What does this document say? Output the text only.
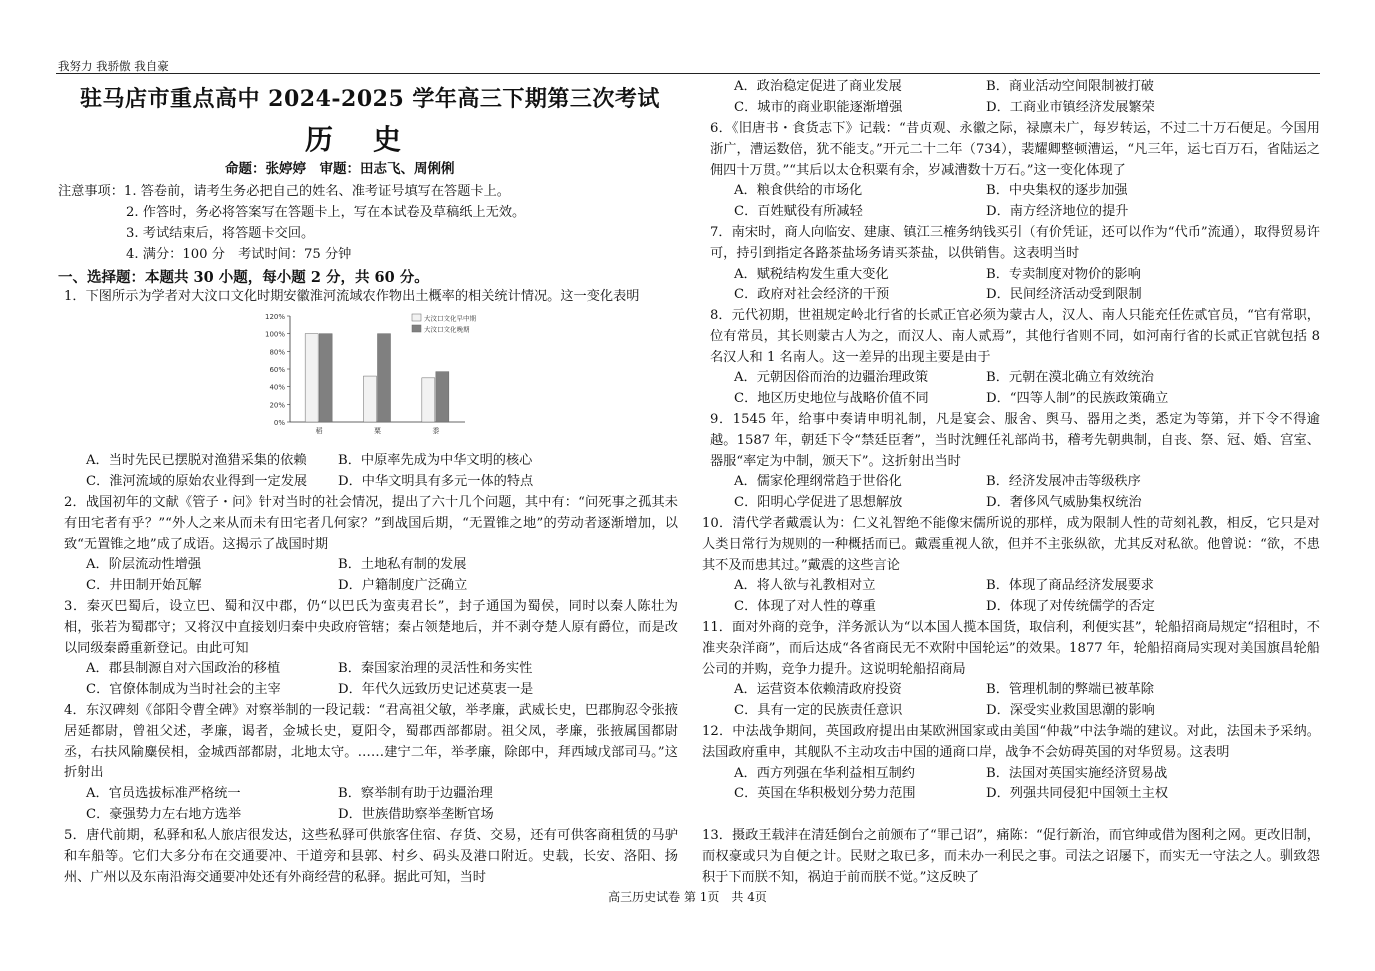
我努力 我骄傲 我自豪
驻马店市重点高中 2024-2025 学年高三下期第三次考试
历史
命题：张婷婷　审题：田志飞、周俐俐
注意事项：1. 答卷前，请考生务必把自己的姓名、准考证号填写在答题卡上。
2. 作答时，务必将答案写在答题卡上，写在本试卷及草稿纸上无效。
3. 考试结束后，将答题卡交回。
4. 满分：100 分　考试时间：75 分钟
一、选择题：本题共 30 小题，每小题 2 分，共 60 分。
1．下图所示为学者对大汶口文化时期安徽淮河流域农作物出土概率的相关统计情况。这一变化表明
0%
20%
40%
60%
80%
100%
120%
稻	粟	黍
大汶口文化早中期
大汶口文化晚期
A．当时先民已摆脱对渔猎采集的依赖	B．中原率先成为中华文明的核心
C．淮河流域的原始农业得到一定发展	D．中华文明具有多元一体的特点
2．战国初年的文献《管子・问》针对当时的社会情况，提出了六十几个问题，其中有：“问死事之孤其未有田宅者有乎？”“外人之来从而未有田宅者几何家？”到战国后期，“无置锥之地”的劳动者逐渐增加，以致“无置锥之地”成了成语。这揭示了战国时期
A．阶层流动性增强	B．土地私有制的发展
C．井田制开始瓦解	D．户籍制度广泛确立
3．秦灭巴蜀后，设立巴、蜀和汉中郡，仍“以巴氏为蛮夷君长”，封子通国为蜀侯，同时以秦人陈壮为相，张若为蜀郡守；又将汉中直接划归秦中央政府管辖；秦占领楚地后，并不剥夺楚人原有爵位，而是改以同级秦爵重新登记。由此可知
A．郡县制源自对六国政治的移植	B．秦国家治理的灵活性和务实性
C．官僚体制成为当时社会的主宰	D．年代久远致历史记述莫衷一是
4．东汉碑刻《郃阳令曹全碑》对察举制的一段记载：“君高祖父敏，举孝廉，武威长史，巴郡朐忍令张掖居延都尉，曾祖父述，孝廉，谒者，金城长史，夏阳令，蜀郡西部都尉。祖父凤，孝廉，张掖属国都尉丞，右扶风隃麋侯相，金城西部都尉，北地太守。……建宁二年，举孝廉，除郎中，拜西域戊部司马。”这折射出
A．官员选拔标准严格统一	B．察举制有助于边疆治理
C．豪强势力左右地方选举	D．世族借助察举垄断官场
5．唐代前期，私驿和私人旅店很发达，这些私驿可供旅客住宿、存货、交易，还有可供客商租赁的马驴和车船等。它们大多分布在交通要冲、干道旁和县郭、村乡、码头及港口附近。史载，长安、洛阳、扬州、广州以及东南沿海交通要冲处还有外商经营的私驿。据此可知，当时
A．政治稳定促进了商业发展	B．商业活动空间限制被打破
C．城市的商业职能逐渐增强	D．工商业市镇经济发展繁荣
6．《旧唐书・食货志下》记载：“昔贞观、永徽之际，禄廪未广，每岁转运，不过二十万石便足。今国用浙广，漕运数倍，犹不能支。”开元二十二年（734），裴耀卿整顿漕运，“凡三年，运七百万石，省陆运之佣四十万贯。”“其后以太仓积粟有余，岁减漕数十万石。”这一变化体现了
A．粮食供给的市场化	B．中央集权的逐步加强
C．百姓赋役有所减轻	D．南方经济地位的提升
7．南宋时，商人向临安、建康、镇江三榷务纳钱买引（有价凭证，还可以作为“代币”流通），取得贸易许可，持引到指定各路茶盐场务请买茶盐，以供销售。这表明当时
A．赋税结构发生重大变化	B．专卖制度对物价的影响
C．政府对社会经济的干预	D．民间经济活动受到限制
8．元代初期，世祖规定岭北行省的长贰正官必须为蒙古人，汉人、南人只能充任佐贰官员，“官有常职，位有常员，其长则蒙古人为之，而汉人、南人贰焉”，其他行省则不同，如河南行省的长贰正官就包括 8 名汉人和 1 名南人。这一差异的出现主要是由于
A．元朝因俗而治的边疆治理政策	B．元朝在漠北确立有效统治
C．地区历史地位与战略价值不同	D．“四等人制”的民族政策确立
9．1545 年，给事中奏请申明礼制，凡是宴会、服舍、舆马、器用之类，悉定为等第，并下令不得逾越。1587 年，朝廷下令“禁廷臣奢”，当时沈鲤任礼部尚书，稽考先朝典制，自丧、祭、冠、婚、宫室、器服“率定为中制，颁天下”。这折射出当时
A．儒家伦理纲常趋于世俗化	B．经济发展冲击等级秩序
C．阳明心学促进了思想解放	D．奢侈风气威胁集权统治
10．清代学者戴震认为：仁义礼智绝不能像宋儒所说的那样，成为限制人性的苛刻礼教，相反，它只是对人类日常行为规则的一种概括而已。戴震重视人欲，但并不主张纵欲，尤其反对私欲。他曾说：“欲，不患其不及而患其过。”戴震的这些言论
A．将人欲与礼教相对立	B．体现了商品经济发展要求
C．体现了对人性的尊重	D．体现了对传统儒学的否定
11．面对外商的竞争，洋务派认为“以本国人揽本国货，取信利，利便实甚”，轮船招商局规定“招租时，不准夹杂洋商”，而后达成“各省商民无不欢附中国轮运”的效果。1877 年，轮船招商局实现对美国旗昌轮船公司的并购，竞争力提升。这说明轮船招商局
A．运营资本依赖清政府投资	B．管理机制的弊端已被革除
C．具有一定的民族责任意识	D．深受实业救国思潮的影响
12．中法战争期间，英国政府提出由某欧洲国家或由美国“仲裁”中法争端的建议。对此，法国未予采纳。法国政府重申，其舰队不主动攻击中国的通商口岸，战争不会妨碍英国的对华贸易。这表明
A．西方列强在华利益相互制约	B．法国对英国实施经济贸易战
C．英国在华积极划分势力范围	D．列强共同侵犯中国领土主权
13．摄政王载沣在清廷倒台之前颁布了“罪己诏”，痛陈：“促行新治，而官绅或借为图利之网。更改旧制，而权豪或只为自便之计。民财之取已多，而未办一利民之事。司法之诏屡下，而实无一守法之人。驯致怨积于下而朕不知，祸迫于前而朕不觉。”这反映了
高三历史试卷 第 1页　共 4页
